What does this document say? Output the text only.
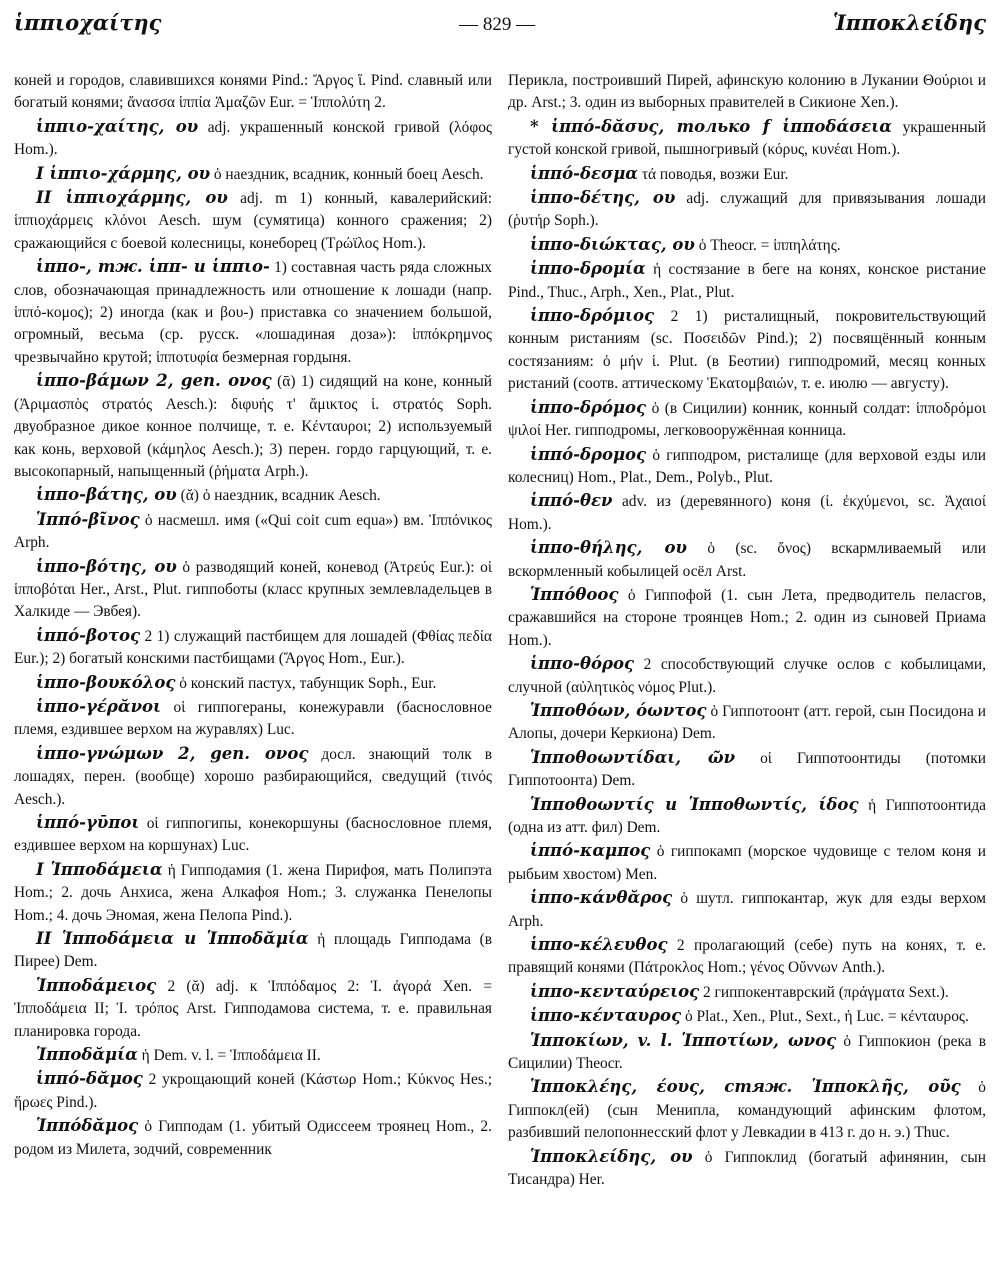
ἱππιοχαίτης	— 829 —	Ἱπποκλείδης
коней и городов, славившихся конями Pind.: Ἄργος ἵ. Pind. славный или богатый конями; ἄνασσα ἱππία Ἀμαζῶν Eur. = Ἱππολύτη 2.
ἱππιο-χαίτης, ου adj. украшенный конской гривой (λόφος Hom.).
I ἱππιο-χάρμης, ου ὁ наездник, всадник, конный боец Aesch.
II ἱππιοχάρμης, ου adj. m 1) конный, кавалерийский: ἱππιοχάρμεις κλόνοι Aesch. шум (сумятица) конного сражения; 2) сражающийся с боевой колесницы, конеборец (Τρώϊλος Hom.).
ἱππο-, тж. ἱππ- и ἱππιο- 1) составная часть ряда сложных слов, обозначающая принадлежность или отношение к лошади (напр. ἱππό-κομος); 2) иногда (как и βου-) приставка со значением большой, огромный, весьма (ср. русск. «лошадиная доза»): ἱππόκρημνος чрезвычайно крутой; ἱπποτυφία безмерная гордыня.
ἱππο-βάμων 2, gen. ονος (ᾱ) 1) сидящий на коне, конный (Ἀριμασπὸς στρατός Aesch.): διφυής τ' ἄμικτος ἱ. στρατός Soph. двуобразное дикое конное полчище, т. е. Κένταυροι; 2) используемый как конь, верховой (κάμηλος Aesch.); 3) перен. гордо гарцующий, т. е. высокопарный, напыщенный (ῥήματα Arph.).
ἱππο-βάτης, ου (ᾰ) ὁ наездник, всадник Aesch.
Ἱππό-βῖνος ὁ насмешл. имя («Qui coit cum equa») вм. Ἱππόνικος Arph.
ἱππο-βότης, ου ὁ разводящий коней, коневод (Ἀτρεύς Eur.): οἱ ἱπποβόται Her., Arst., Plut. гиппоботы (класс крупных землевладельцев в Халкиде — Эвбея).
ἱππό-βοτος 2 1) служащий пастбищем для лошадей (Φθίας πεδία Eur.); 2) богатый конскими пастбищами (Ἄργος Hom., Eur.).
ἱππο-βουκόλος ὁ конский пастух, табунщик Soph., Eur.
ἱππο-γέρᾰνοι οἱ гиппогераны, конежуравли (баснословное племя, ездившее верхом на журавлях) Luc.
ἱππο-γνώμων 2, gen. ονος досл. знающий толк в лошадях, перен. (вообще) хорошо разбирающийся, сведущий (τινός Aesch.).
ἱππό-γῡποι οἱ гиппогипы, конекоршуны (баснословное племя, ездившее верхом на коршунах) Luc.
I Ἱπποδάμεια ἡ Гипподамия (1. жена Пирифоя, мать Полипэта Hom.; 2. дочь Анхиса, жена Алкафоя Hom.; 3. служанка Пенелопы Hom.; 4. дочь Эномая, жена Пелопа Pind.).
II Ἱπποδάμεια и Ἱπποδᾰμία ἡ площадь Гипподама (в Пирее) Dem.
Ἱπποδάμειος 2 (ᾰ) adj. к Ἱππόδαμος 2: Ἱ. ἀγορά Xen. = Ἱπποδάμεια II; Ἱ. τρόπος Arst. Гипподамова система, т. е. правильная планировка города.
Ἱπποδᾰμία ἡ Dem. v. l. = Ἱπποδάμεια II.
ἱππό-δᾰμος 2 укрощающий коней (Κάστωρ Hom.; Κύκνος Hes.; ἥρωες Pind.).
Ἱππόδᾰμος ὁ Гипподам (1. убитый Одиссеем троянец Hom., 2. родом из Милета, зодчий, современник
Перикла, построивший Пирей, афинскую колонию в Лукании Θούριοι и др. Arst.; 3. один из выборных правителей в Сикионе Xen.).
* ἱππό-δᾰσυς, только f ἱπποδάσεια украшенный густой конской гривой, пышногривый (κόρυς, κυνέαι Hom.).
ἱππό-δεσμα τά поводья, возжи Eur.
ἱππο-δέτης, ου adj. служащий для привязывания лошади (ῥυτήρ Soph.).
ἱππο-διώκτας, ου ὁ Theocr. = ἱππηλάτης.
ἱππο-δρομία ἡ состязание в беге на конях, конское ристание Pind., Thuc., Arph., Xen., Plat., Plut.
ἱππο-δρόμιος 2 1) ристалищный, покровительствующий конным ристаниям (sc. Ποσειδῶν Pind.); 2) посвящённый конным состязаниям: ὁ μήν ἱ. Plut. (в Беотии) гипподромий, месяц конных ристаний (соотв. аттическому Ἑκατομβαιών, т. е. июлю — августу).
ἱππο-δρόμος ὁ (в Сицилии) конник, конный солдат: ἱπποδρόμοι ψιλοί Her. гипподромы, легковооружённая конница.
ἱππό-δρομος ὁ гипподром, ристалище (для верховой езды или колесниц) Hom., Plat., Dem., Polyb., Plut.
ἱππό-θεν adv. из (деревянного) коня (ἱ. ἐκχύμενοι, sc. Ἀχαιοί Hom.).
ἱππο-θήλης, ου ὁ (sc. ὄνος) вскармливаемый или вскормленный кобылицей осёл Arst.
Ἱππόθοος ὁ Гиппофой (1. сын Лета, предводитель пеласгов, сражавшийся на стороне троянцев Hom.; 2. один из сыновей Приама Hom.).
ἱππο-θόρος 2 способствующий случке ослов с кобылицами, случной (αὐλητικὸς νόμος Plut.).
Ἱπποθόων, όωντος ὁ Гиппотоонт (атт. герой, сын Посидона и Алопы, дочери Керкиона) Dem.
Ἱπποθοωντίδαι, ῶν οἱ Гиппотоонтиды (потомки Гиппотоонта) Dem.
Ἱπποθοωντίς и Ἱπποθωντίς, ίδος ἡ Гиппотоонтида (одна из атт. фил) Dem.
ἱππό-καμπος ὁ гиппокамп (морское чудовище с телом коня и рыбьим хвостом) Men.
ἱππο-κάνθᾰρος ὁ шутл. гиппокантар, жук для езды верхом Arph.
ἱππο-κέλευθος 2 пролагающий (себе) путь на конях, т. е. правящий конями (Πάτροκλος Hom.; γένος Οὔννων Anth.).
ἱππο-κενταύρειος 2 гиппокентаврский (πράγματα Sext.).
ἱππο-κένταυρος ὁ Plat., Xen., Plut., Sext., ἡ Luc. = κένταυρος.
Ἱπποκίων, v. l. Ἱπποτίων, ωνος ὁ Гиппокион (река в Сицилии) Theocr.
Ἱπποκλέης, έους, стяж. Ἱπποκλῆς, οῦς ὁ Гиппокл(ей) (сын Менипла, командующий афинским флотом, разбивший пелопоннесский флот у Левкадии в 413 г. до н. э.) Thuc.
Ἱπποκλείδης, ου ὁ Гиппоклид (богатый афинянин, сын Тисандра) Her.
